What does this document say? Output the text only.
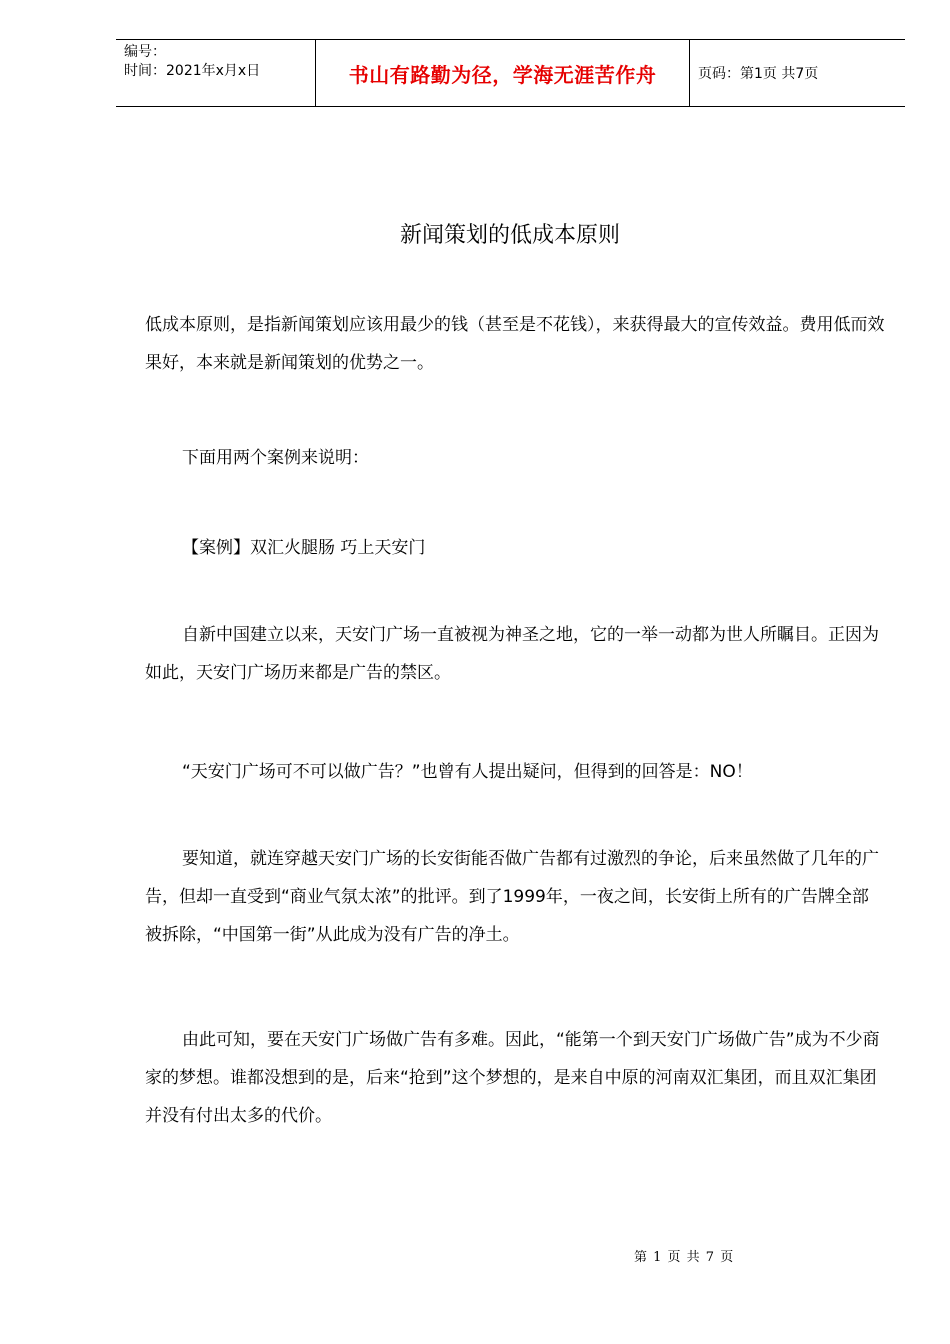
编号：
时间：2021年x月x日	书山有路勤为径，学海无涯苦作舟	页码：第1页 共7页
新闻策划的低成本原则

低成本原则，是指新闻策划应该用最少的钱（甚至是不花钱），来获得最大的宣传效益。费用低而效果好，本来就是新闻策划的优势之一。

下面用两个案例来说明：

【案例】双汇火腿肠 巧上天安门

自新中国建立以来，天安门广场一直被视为神圣之地，它的一举一动都为世人所瞩目。正因为如此，天安门广场历来都是广告的禁区。

“天安门广场可不可以做广告？”也曾有人提出疑问，但得到的回答是：NO！

要知道，就连穿越天安门广场的长安街能否做广告都有过激烈的争论，后来虽然做了几年的广告，但却一直受到“商业气氛太浓”的批评。到了1999年，一夜之间，长安街上所有的广告牌全部被拆除，“中国第一街”从此成为没有广告的净土。

由此可知，要在天安门广场做广告有多难。因此，“能第一个到天安门广场做广告”成为不少商家的梦想。谁都没想到的是，后来“抢到”这个梦想的，是来自中原的河南双汇集团，而且双汇集团并没有付出太多的代价。

第 1 页 共 7 页
